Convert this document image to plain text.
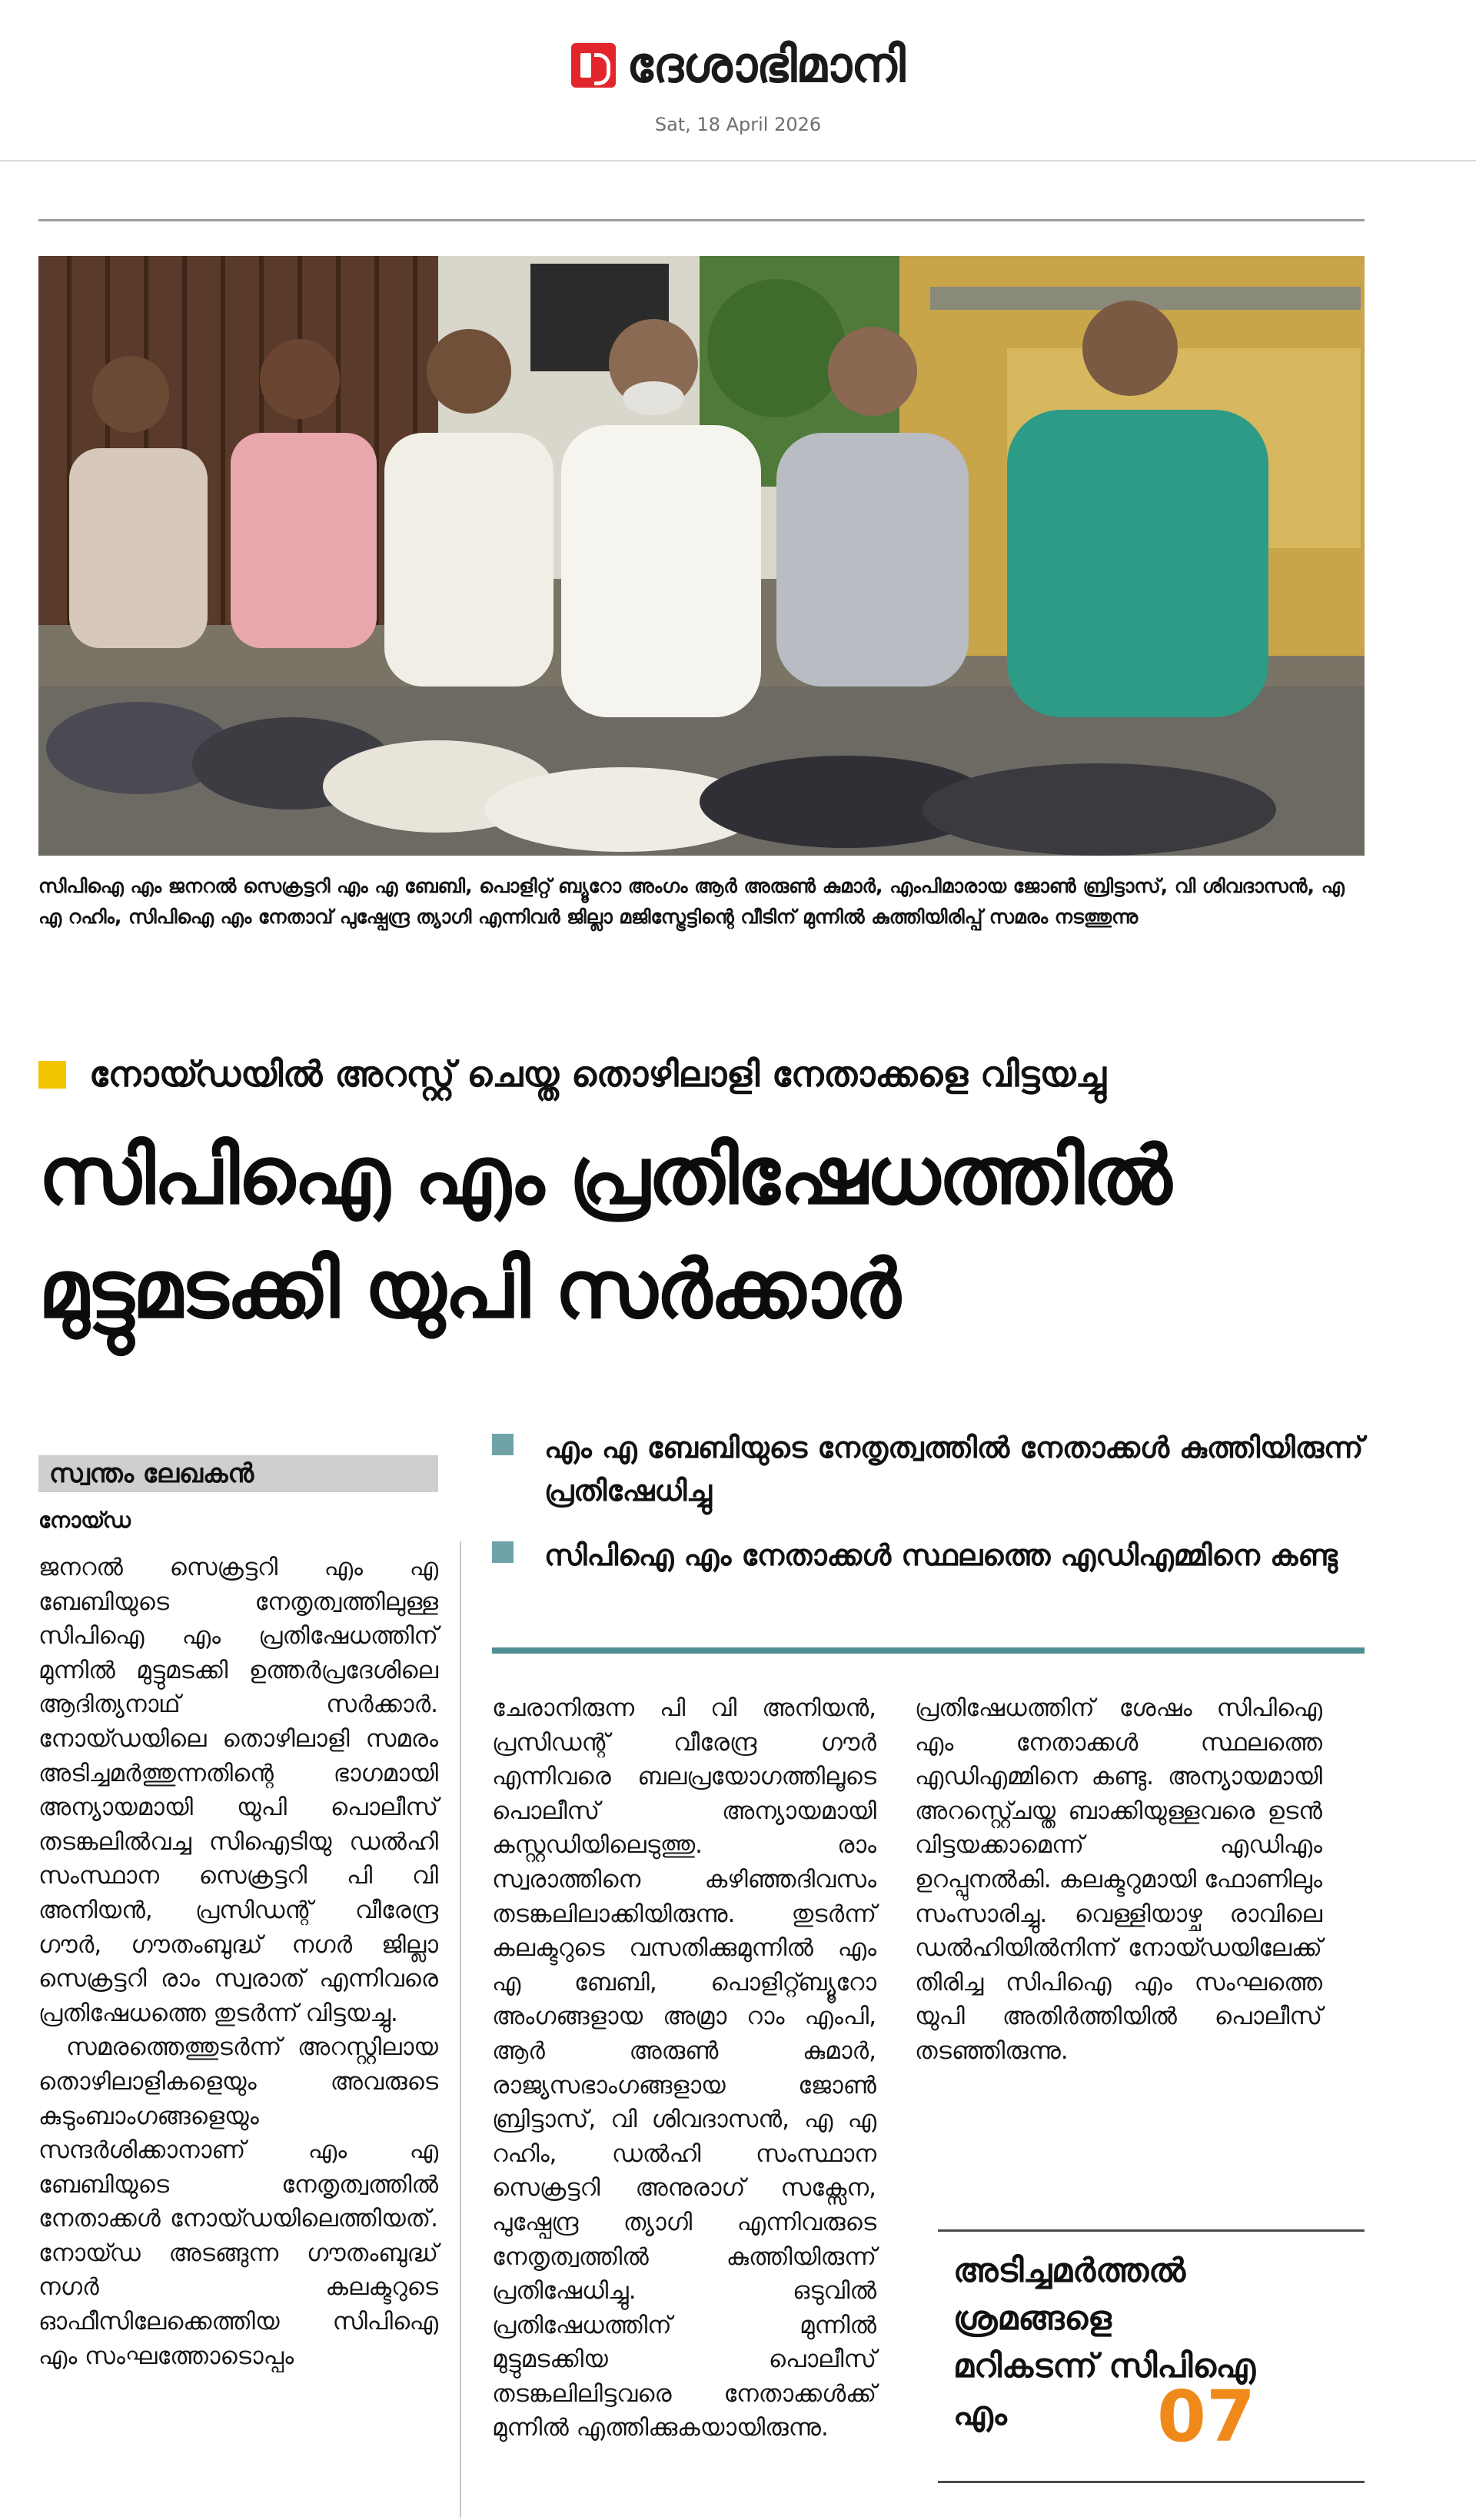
ദേശാഭിമാനി
Sat, 18 April 2026

സിപിഐ എം ജനറൽ സെക്രട്ടറി എം എ ബേബി, പൊളിറ്റ് ബ്യൂറോ അംഗം ആർ അരുൺ കുമാർ, എംപിമാരായ ജോൺ ബ്രിട്ടാസ്, വി ശിവദാസൻ, എ എ റഹിം, സിപിഐ എം നേതാവ് പുഷ്പേന്ദ്ര ത്യാഗി എന്നിവർ ജില്ലാ മജിസ്ട്രേട്ടിന്റെ വീടിന് മുന്നിൽ കുത്തിയിരിപ്പ് സമരം നടത്തുന്നു

നോയ്ഡയിൽ അറസ്റ്റ് ചെയ്ത തൊഴിലാളി നേതാക്കളെ വിട്ടയച്ചു
സിപിഐ എം പ്രതിഷേധത്തിൽ
മുട്ടുമടക്കി യുപി സർക്കാർ
സ്വന്തം ലേഖകൻ
നോയ്ഡ
എം എ ബേബിയുടെ നേതൃത്വത്തിൽ നേതാക്കൾ കുത്തിയിരുന്ന് പ്രതിഷേധിച്ചു
സിപിഐ എം നേതാക്കൾ സ്ഥലത്തെ എഡിഎമ്മിനെ കണ്ടു

ജനറൽ സെക്രട്ടറി എം എ ബേബിയുടെ നേതൃത്വത്തിലുള്ള സിപിഐ എം പ്രതിഷേധത്തിന് മുന്നിൽ മുട്ടുമടക്കി ഉത്തർപ്രദേശിലെ ആദിത്യനാഥ് സർക്കാർ. നോയ്ഡയിലെ തൊഴിലാളി സമരം അടിച്ചമർത്തുന്നതിന്റെ ഭാഗമായി അന്യായമായി യുപി പൊലീസ് തടങ്കലിൽവച്ച സിഐടിയു ഡൽഹി സംസ്ഥാന സെക്രട്ടറി പി വി അനിയൻ, പ്രസിഡന്റ് വീരേന്ദ്ര ഗൗർ, ഗൗതംബുദ്ധ് നഗർ ജില്ലാ സെക്രട്ടറി രാം സ്വരാത് എന്നിവരെ പ്രതിഷേധത്തെ തുടർന്ന് വിട്ടയച്ചു.

സമരത്തെത്തുടർന്ന് അറസ്റ്റിലായ തൊഴിലാളികളെയും അവരുടെ കുടുംബാംഗങ്ങളെയും സന്ദർശിക്കാനാണ് എം എ ബേബിയുടെ നേതൃത്വത്തിൽ നേതാക്കൾ നോയ്ഡയിലെത്തിയത്. നോയ്ഡ അടങ്ങുന്ന ഗൗതംബുദ്ധ് നഗർ കലക്ടറുടെ ഓഫീസിലേക്കെത്തിയ സിപിഐ എം സംഘത്തോടൊപ്പം

ചേരാനിരുന്ന പി വി അനിയൻ, പ്രസിഡന്റ് വീരേന്ദ്ര ഗൗർ എന്നിവരെ ബലപ്രയോഗത്തിലൂടെ പൊലീസ് അന്യായമായി കസ്റ്റഡിയിലെടുത്തു. രാം സ്വരാത്തിനെ കഴിഞ്ഞദിവസം തടങ്കലിലാക്കിയിരുന്നു. തുടർന്ന് കലക്ടറുടെ വസതിക്കുമുന്നിൽ എം എ ബേബി, പൊളിറ്റ്ബ്യൂറോ അംഗങ്ങളായ അമ്രാ റാം എംപി, ആർ അരുൺ കുമാർ, രാജ്യസഭാംഗങ്ങളായ ജോൺ ബ്രിട്ടാസ്, വി ശിവദാസൻ, എ എ റഹിം, ഡൽഹി സംസ്ഥാന സെക്രട്ടറി അനുരാഗ് സക്സേന, പുഷ്പേന്ദ്ര ത്യാഗി എന്നിവരുടെ നേതൃത്വത്തിൽ കുത്തിയിരുന്ന് പ്രതിഷേധിച്ചു. ഒടുവിൽ പ്രതിഷേധത്തിന് മുന്നിൽ മുട്ടുമടക്കിയ പൊലീസ് തടങ്കലിലിട്ടവരെ നേതാക്കൾക്ക് മുന്നിൽ എത്തിക്കുകയായിരുന്നു.

പ്രതിഷേധത്തിന് ശേഷം സിപിഐ എം നേതാക്കൾ സ്ഥലത്തെ എഡിഎമ്മിനെ കണ്ടു. അന്യായമായി അറസ്റ്റ്ചെയ്ത ബാക്കിയുള്ളവരെ ഉടൻ വിട്ടയക്കാമെന്ന് എഡിഎം ഉറപ്പുനൽകി. കലക്ടറുമായി ഫോണിലും സംസാരിച്ചു. വെള്ളിയാഴ്ച രാവിലെ ഡൽഹിയിൽനിന്ന് നോയ്ഡയിലേക്ക് തിരിച്ച സിപിഐ എം സംഘത്തെ യുപി അതിർത്തിയിൽ പൊലീസ് തടഞ്ഞിരുന്നു.

അടിച്ചമർത്തൽ ശ്രമങ്ങളെ മറികടന്ന് സിപിഐ എം	07
